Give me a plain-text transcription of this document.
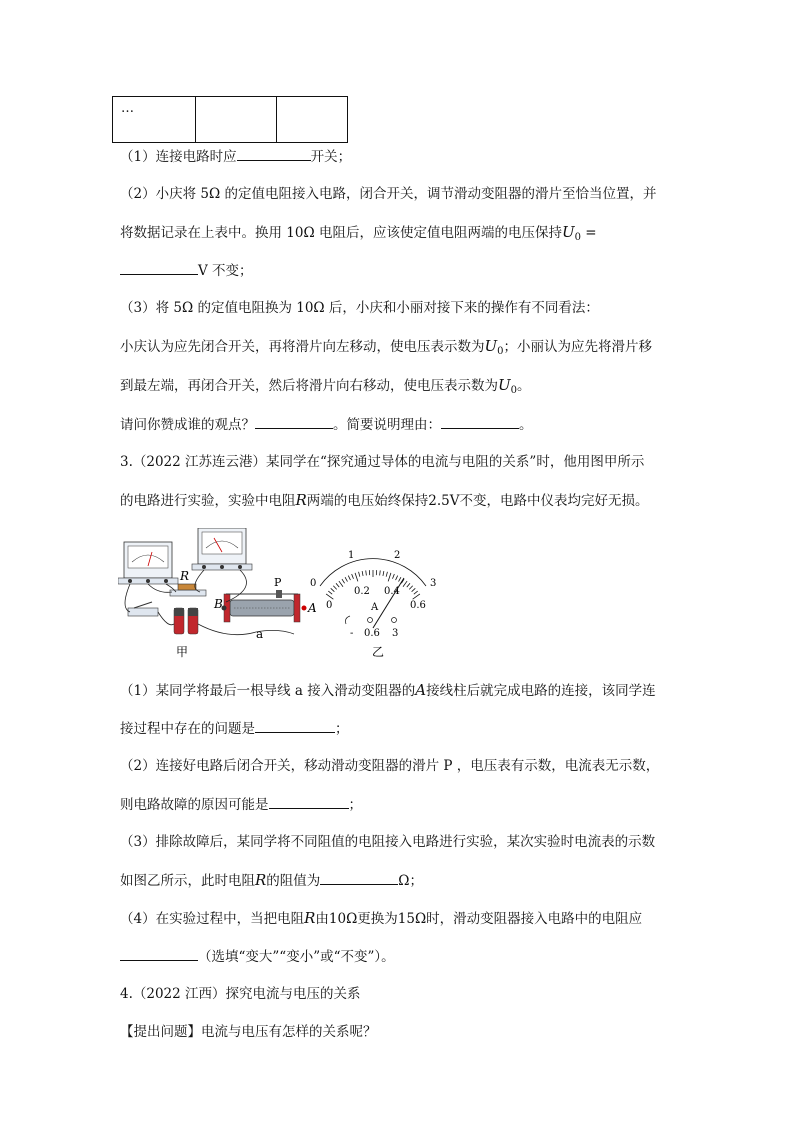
…		
（1）连接电路时应	开关；
（2）小庆将 5Ω 的定值电阻接入电路，闭合开关，调节滑动变阻器的滑片至恰当位置，并
将数据记录在上表中。换用 10Ω 电阻后，应该使定值电阻两端的电压保持$U_0$ =
V 不变；
（3）将 5Ω 的定值电阻换为 10Ω 后，小庆和小丽对接下来的操作有不同看法：
小庆认为应先闭合开关，再将滑片向左移动，使电压表示数为$U_0$；小丽认为应先将滑片移
到最左端，再闭合开关，然后将滑片向右移动，使电压表示数为$U_0$。
请问你赞成谁的观点？	。简要说明理由：	。
3.（2022 江苏连云港）某同学在“探究通过导体的电流与电阻的关系”时，他用图甲所示
的电路进行实验，实验中电阻R两端的电压始终保持2.5V不变，电路中仪表均完好无损。
R	P
B	A
a
甲
0
1	2
3
0
0.2 0.4
0.6
A
- 0.6 3
乙
（1）某同学将最后一根导线 a 接入滑动变阻器的A接线柱后就完成电路的连接，该同学连
接过程中存在的问题是	；
（2）连接好电路后闭合开关，移动滑动变阻器的滑片 P ，电压表有示数，电流表无示数，
则电路故障的原因可能是	；
（3）排除故障后，某同学将不同阻值的电阻接入电路进行实验，某次实验时电流表的示数
如图乙所示，此时电阻R的阻值为	Ω；
（4）在实验过程中，当把电阻R由10Ω更换为15Ω时，滑动变阻器接入电路中的电阻应
（选填“变大”“变小”或“不变”）。
4.（2022 江西）探究电流与电压的关系
【提出问题】电流与电压有怎样的关系呢？
